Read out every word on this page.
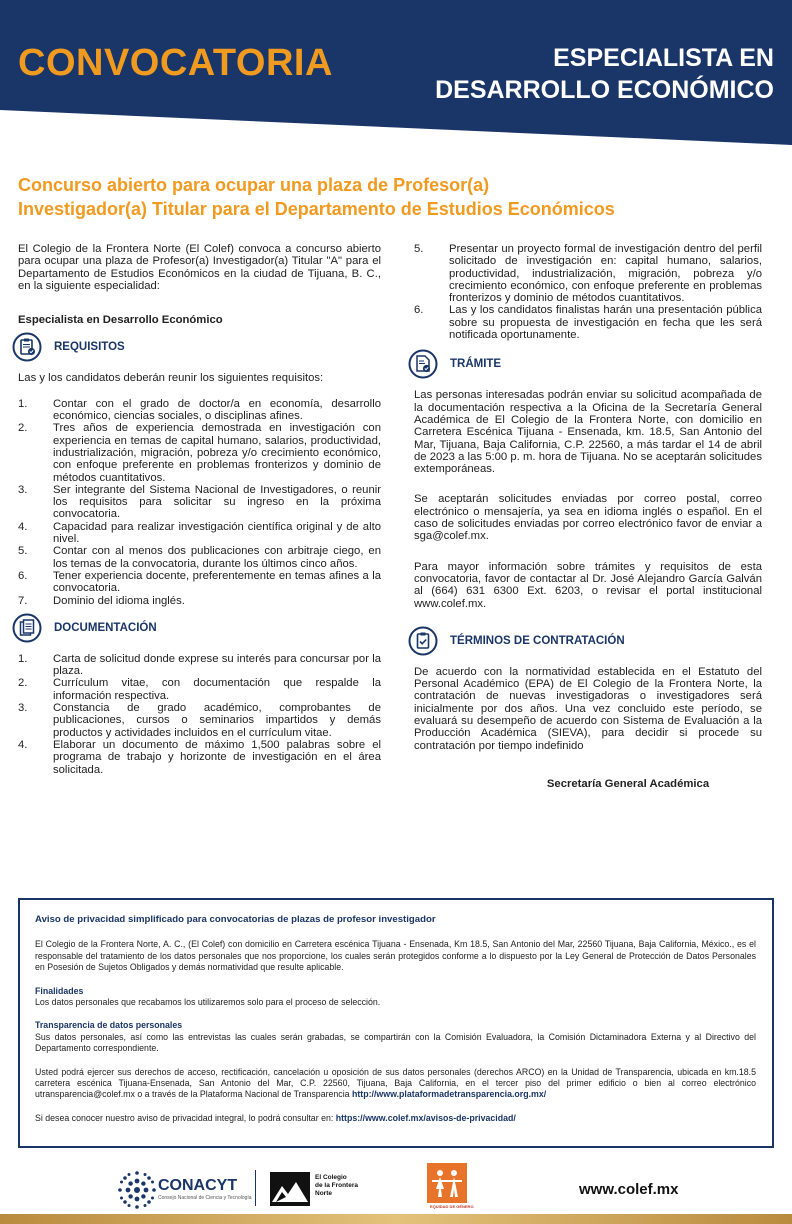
CONVOCATORIA	ESPECIALISTA EN
DESARROLLO ECONÓMICO
Concurso abierto para ocupar una plaza de Profesor(a)
Investigador(a) Titular para el Departamento de Estudios Económicos

El Colegio de la Frontera Norte (El Colef) convoca a concurso abierto para ocupar una plaza de Profesor(a) Investigador(a) Titular "A" para el Departamento de Estudios Económicos en la ciudad de Tijuana, B. C., en la siguiente especialidad:

Especialista en Desarrollo Económico

REQUISITOS

Las y los candidatos deberán reunir los siguientes requisitos:

1. Contar con el grado de doctor/a en economía, desarrollo económico, ciencias sociales, o disciplinas afines.
2. Tres años de experiencia demostrada en investigación con experiencia en temas de capital humano, salarios, productividad, industrialización, migración, pobreza y/o crecimiento económico, con enfoque preferente en problemas fronterizos y dominio de métodos cuantitativos.
3. Ser integrante del Sistema Nacional de Investigadores, o reunir los requisitos para solicitar su ingreso en la próxima convocatoria.
4. Capacidad para realizar investigación científica original y de alto nivel.
5. Contar con al menos dos publicaciones con arbitraje ciego, en los temas de la convocatoria, durante los últimos cinco años.
6. Tener experiencia docente, preferentemente en temas afines a la convocatoria.
7. Dominio del idioma inglés.
DOCUMENTACIÓN
1. Carta de solicitud donde exprese su interés para concursar por la plaza.
2. Currículum vitae, con documentación que respalde la información respectiva.
3. Constancia de grado académico, comprobantes de publicaciones, cursos o seminarios impartidos y demás productos y actividades incluidos en el currículum vitae.
4. Elaborar un documento de máximo 1,500 palabras sobre el programa de trabajo y horizonte de investigación en el área solicitada.
5. Presentar un proyecto formal de investigación dentro del perfil solicitado de investigación en: capital humano, salarios, productividad, industrialización, migración, pobreza y/o crecimiento económico, con enfoque preferente en problemas fronterizos y dominio de métodos cuantitativos.
6. Las y los candidatos finalistas harán una presentación pública sobre su propuesta de investigación en fecha que les será notificada oportunamente.
TRÁMITE

Las personas interesadas podrán enviar su solicitud acompañada de la documentación respectiva a la Oficina de la Secretaría General Académica de El Colegio de la Frontera Norte, con domicilio en Carretera Escénica Tijuana - Ensenada, km. 18.5, San Antonio del Mar, Tijuana, Baja California, C.P. 22560, a más tardar el 14 de abril de 2023 a las 5:00 p. m. hora de Tijuana. No se aceptarán solicitudes extemporáneas.

Se aceptarán solicitudes enviadas por correo postal, correo electrónico o mensajería, ya sea en idioma inglés o español. En el caso de solicitudes enviadas por correo electrónico favor de enviar a sga@colef.mx.

Para mayor información sobre trámites y requisitos de esta convocatoria, favor de contactar al Dr. José Alejandro García Galván al (664) 631 6300 Ext. 6203, o revisar el portal institucional www.colef.mx.

TÉRMINOS DE CONTRATACIÓN

De acuerdo con la normatividad establecida en el Estatuto del Personal Académico (EPA) de El Colegio de la Frontera Norte, la contratación de nuevas investigadoras o investigadores será inicialmente por dos años. Una vez concluido este período, se evaluará su desempeño de acuerdo con Sistema de Evaluación a la Producción Académica (SIEVA), para decidir si procede su contratación por tiempo indefinido

Secretaría General Académica

Aviso de privacidad simplificado para convocatorias de plazas de profesor investigador

El Colegio de la Frontera Norte, A. C., (El Colef) con domicilio en Carretera escénica Tijuana - Ensenada, Km 18.5, San Antonio del Mar, 22560 Tijuana, Baja California, México., es el responsable del tratamiento de los datos personales que nos proporcione, los cuales serán protegidos conforme a lo dispuesto por la Ley General de Protección de Datos Personales en Posesión de Sujetos Obligados y demás normatividad que resulte aplicable.

Finalidades

Los datos personales que recabamos los utilizaremos solo para el proceso de selección.

Transparencia de datos personales

Sus datos personales, así como las entrevistas las cuales serán grabadas, se compartirán con la Comisión Evaluadora, la Comisión Dictaminadora Externa y al Directivo del Departamento correspondiente.

Usted podrá ejercer sus derechos de acceso, rectificación, cancelación u oposición de sus datos personales (derechos ARCO) en la Unidad de Transparencia, ubicada en km.18.5 carretera escénica Tijuana-Ensenada, San Antonio del Mar, C.P. 22560, Tijuana, Baja California, en el tercer piso del primer edificio o bien al correo electrónico utransparencia@colef.mx o a través de la Plataforma Nacional de Transparencia http://www.plataformadetransparencia.org.mx/

Si desea conocer nuestro aviso de privacidad integral, lo podrá consultar en: https://www.colef.mx/avisos-de-privacidad/

CONACYT
Consejo Nacional de Ciencia y Tecnología
El Colegio
de la Frontera
Norte
EQUIDAD DE GÉNERO
www.colef.mx
